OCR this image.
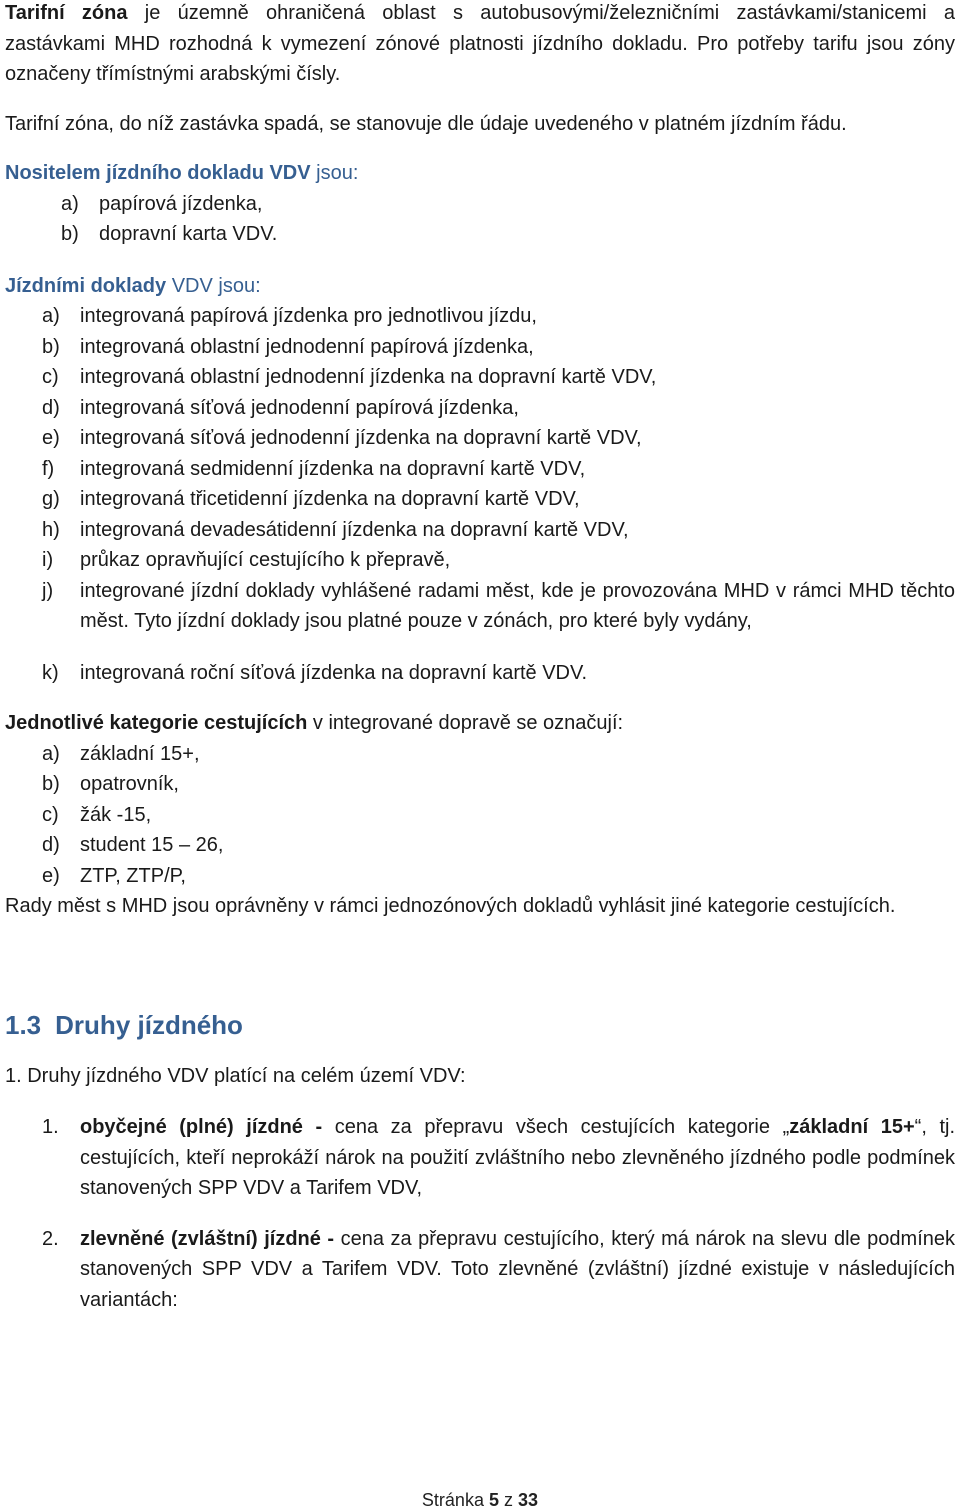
Tarifní zóna je územně ohraničená oblast s autobusovými/železničními zastávkami/stanicemi a zastávkami MHD rozhodná k vymezení zónové platnosti jízdního dokladu. Pro potřeby tarifu jsou zóny označeny třímístnými arabskými čísly.

Tarifní zóna, do níž zastávka spadá, se stanovuje dle údaje uvedeného v platném jízdním řádu.

Nositelem jízdního dokladu VDV jsou:

a)	papírová jízdenka,
b)	dopravní karta VDV.

Jízdními doklady VDV jsou:

a)	integrovaná papírová jízdenka pro jednotlivou jízdu,
b)	integrovaná oblastní jednodenní papírová jízdenka,
c)	integrovaná oblastní jednodenní jízdenka na dopravní kartě VDV,
d)	integrovaná síťová jednodenní papírová jízdenka,
e)	integrovaná síťová jednodenní jízdenka na dopravní kartě VDV,
f)	integrovaná sedmidenní jízdenka na dopravní kartě VDV,
g)	integrovaná třicetidenní jízdenka na dopravní kartě VDV,
h)	integrovaná devadesátidenní jízdenka na dopravní kartě VDV,
i)	průkaz opravňující cestujícího k přepravě,
j)	integrované jízdní doklady vyhlášené radami měst, kde je provozována MHD v rámci MHD těchto měst. Tyto jízdní doklady jsou platné pouze v zónách, pro které byly vydány,
k)	integrovaná roční síťová jízdenka na dopravní kartě VDV.

Jednotlivé kategorie cestujících v integrované dopravě se označují:

a)	základní 15+,
b)	opatrovník,
c)	žák -15,
d)	student 15 – 26,
e)	ZTP, ZTP/P,

Rady měst s MHD jsou oprávněny v rámci jednozónových dokladů vyhlásit jiné kategorie cestujících.

1.3 Druhy jízdného

1. Druhy jízdného VDV platící na celém území VDV:

1.	obyčejné (plné) jízdné - cena za přepravu všech cestujících kategorie „základní 15+“, tj. cestujících, kteří neprokáží nárok na použití zvláštního nebo zlevněného jízdného podle podmínek stanovených SPP VDV a Tarifem VDV,

2.	zlevněné (zvláštní) jízdné - cena za přepravu cestujícího, který má nárok na slevu dle podmínek stanovených SPP VDV a Tarifem VDV. Toto zlevněné (zvláštní) jízdné existuje v následujících variantách:

Stránka 5 z 33
